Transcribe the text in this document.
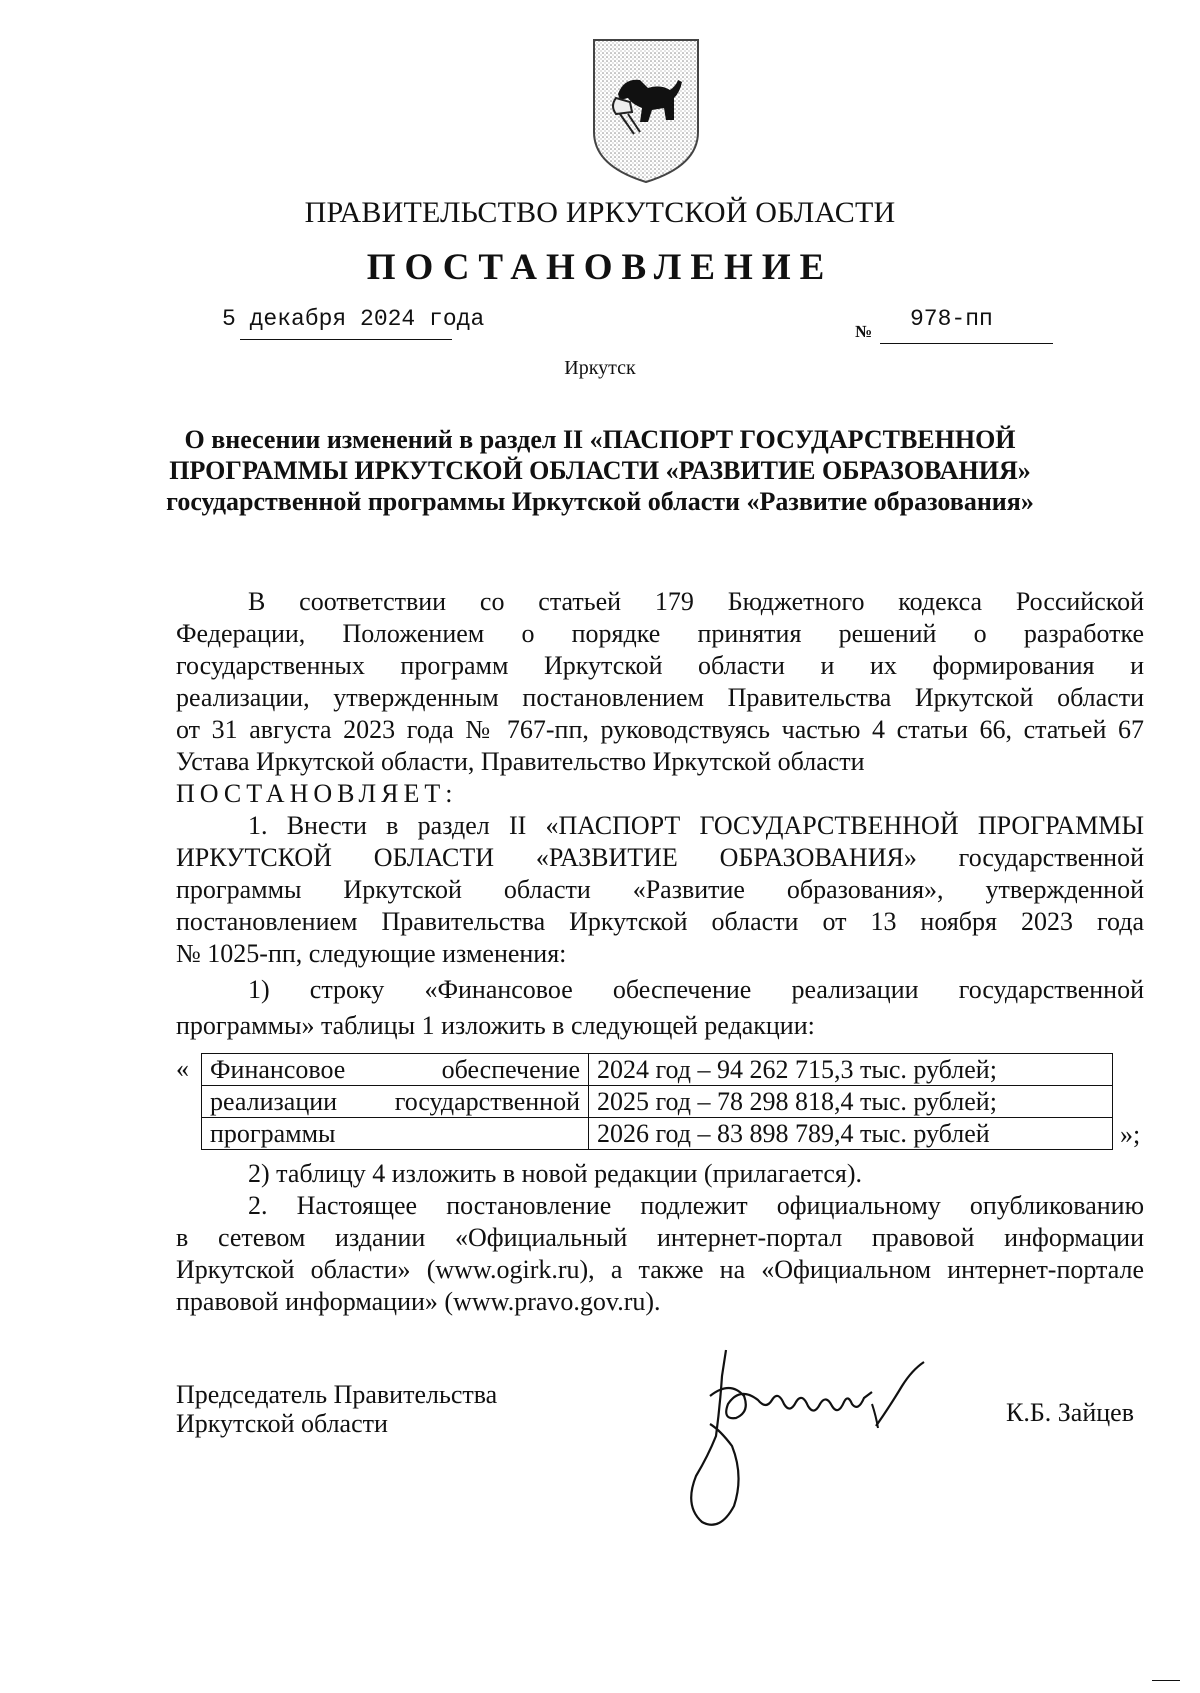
ПРАВИТЕЛЬСТВО ИРКУТСКОЙ ОБЛАСТИ
ПОСТАНОВЛЕНИЕ
5 декабря 2024 года	№ 978-пп
Иркутск
О внесении изменений в раздел II «ПАСПОРТ ГОСУДАРСТВЕННОЙ
ПРОГРАММЫ ИРКУТСКОЙ ОБЛАСТИ «РАЗВИТИЕ ОБРАЗОВАНИЯ»
государственной программы Иркутской области «Развитие образования»
В соответствии со статьей 179 Бюджетного кодекса Российской
Федерации, Положением о порядке принятия решений о разработке
государственных программ Иркутской области и их формирования и
реализации, утвержденным постановлением Правительства Иркутской области
от 31 августа 2023 года № 767-пп, руководствуясь частью 4 статьи 66, статьей 67
Устава Иркутской области, Правительство Иркутской области
ПОСТАНОВЛЯЕТ:
1. Внести в раздел II «ПАСПОРТ ГОСУДАРСТВЕННОЙ ПРОГРАММЫ
ИРКУТСКОЙ ОБЛАСТИ «РАЗВИТИЕ ОБРАЗОВАНИЯ» государственной
программы Иркутской области «Развитие образования», утвержденной
постановлением Правительства Иркутской области от 13 ноября 2023 года
№ 1025-пп, следующие изменения:
1) строку «Финансовое обеспечение реализации государственной
программы» таблицы 1 изложить в следующей редакции:
« Финансовое обеспечение	2024 год – 94 262 715,3 тыс. рублей;
реализации государственной	2025 год – 78 298 818,4 тыс. рублей;
программы	2026 год – 83 898 789,4 тыс. рублей	»;
2) таблицу 4 изложить в новой редакции (прилагается).
2. Настоящее постановление подлежит официальному опубликованию
в сетевом издании «Официальный интернет-портал правовой информации
Иркутской области» (www.ogirk.ru), а также на «Официальном интернет-портале
правовой информации» (www.pravo.gov.ru).
Председатель Правительства
Иркутской области	К.Б. Зайцев
